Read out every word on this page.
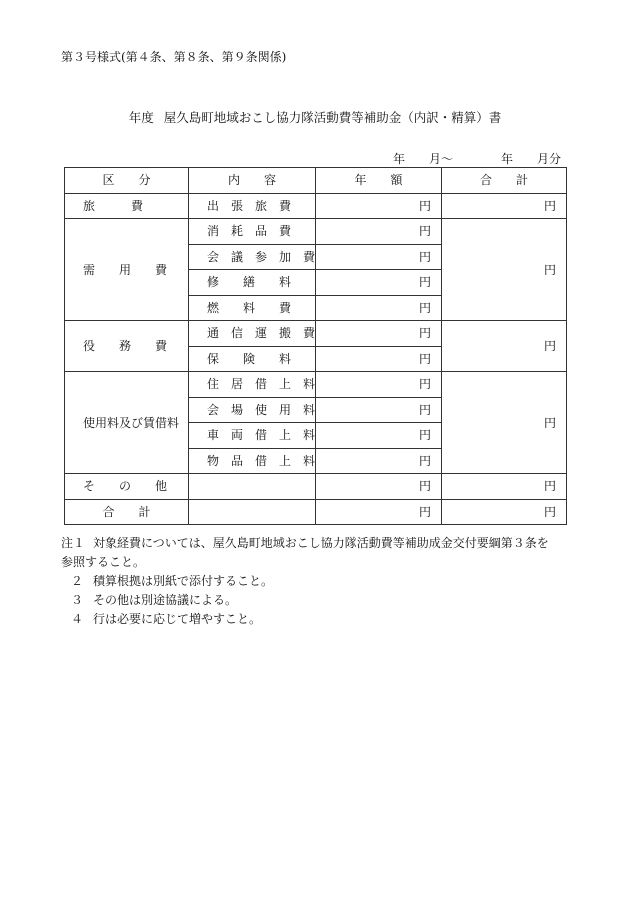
第３号様式(第４条、第８条、第９条関係)
年度 屋久島町地域おこし協力隊活動費等補助金（内訳・精算）書
年　　月～　　　　年　　月分
区　　分	内　　容	年　　額	合　　計
旅　　　費	出　張　旅　費	円	円
需　　用　　費	消　耗　品　費	円	円
	会　議　参　加　費	円	
	修　　繕　　料	円	
	燃　　料　　費	円	
役　　務　　費	通　信　運　搬　費	円	円
	保　　険　　料	円	
使用料及び賃借料	住　居　借　上　料	円	円
	会　場　使　用　料	円	
	車　両　借　上　料	円	
	物　品　借　上　料	円	
そ　　の　　他		円	円
合　　計		円	円
注１ 対象経費については、屋久島町地域おこし協力隊活動費等補助成金交付要綱第３条を
参照すること。
２ 積算根拠は別紙で添付すること。
３ その他は別途協議による。
４ 行は必要に応じて増やすこと。
